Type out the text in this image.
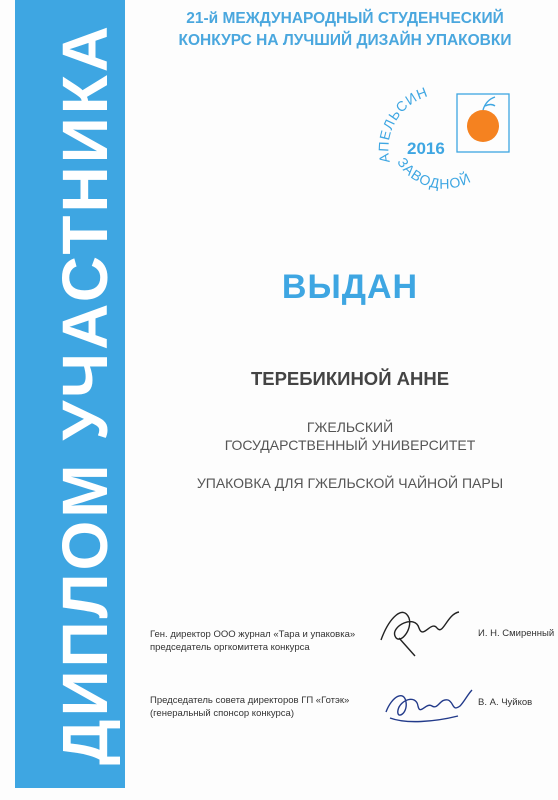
ДИПЛОМ УЧАСТНИКА
21-й МЕЖДУНАРОДНЫЙ СТУДЕНЧЕСКИЙ
КОНКУРС НА ЛУЧШИЙ ДИЗАЙН УПАКОВКИ
АПЕЛЬСИН
ЗАВОДНОЙ
2016
ВЫДАН
ТЕРЕБИКИНОЙ АННЕ
ГЖЕЛЬСКИЙ
ГОСУДАРСТВЕННЫЙ УНИВЕРСИТЕТ
УПАКОВКА ДЛЯ ГЖЕЛЬСКОЙ ЧАЙНОЙ ПАРЫ
Ген. директор ООО журнал «Тара и упаковка»
председатель оргкомитета конкурса
И. Н. Смиренный
Председатель совета директоров ГП «Готэк»
(генеральный спонсор конкурса)
В. А. Чуйков
